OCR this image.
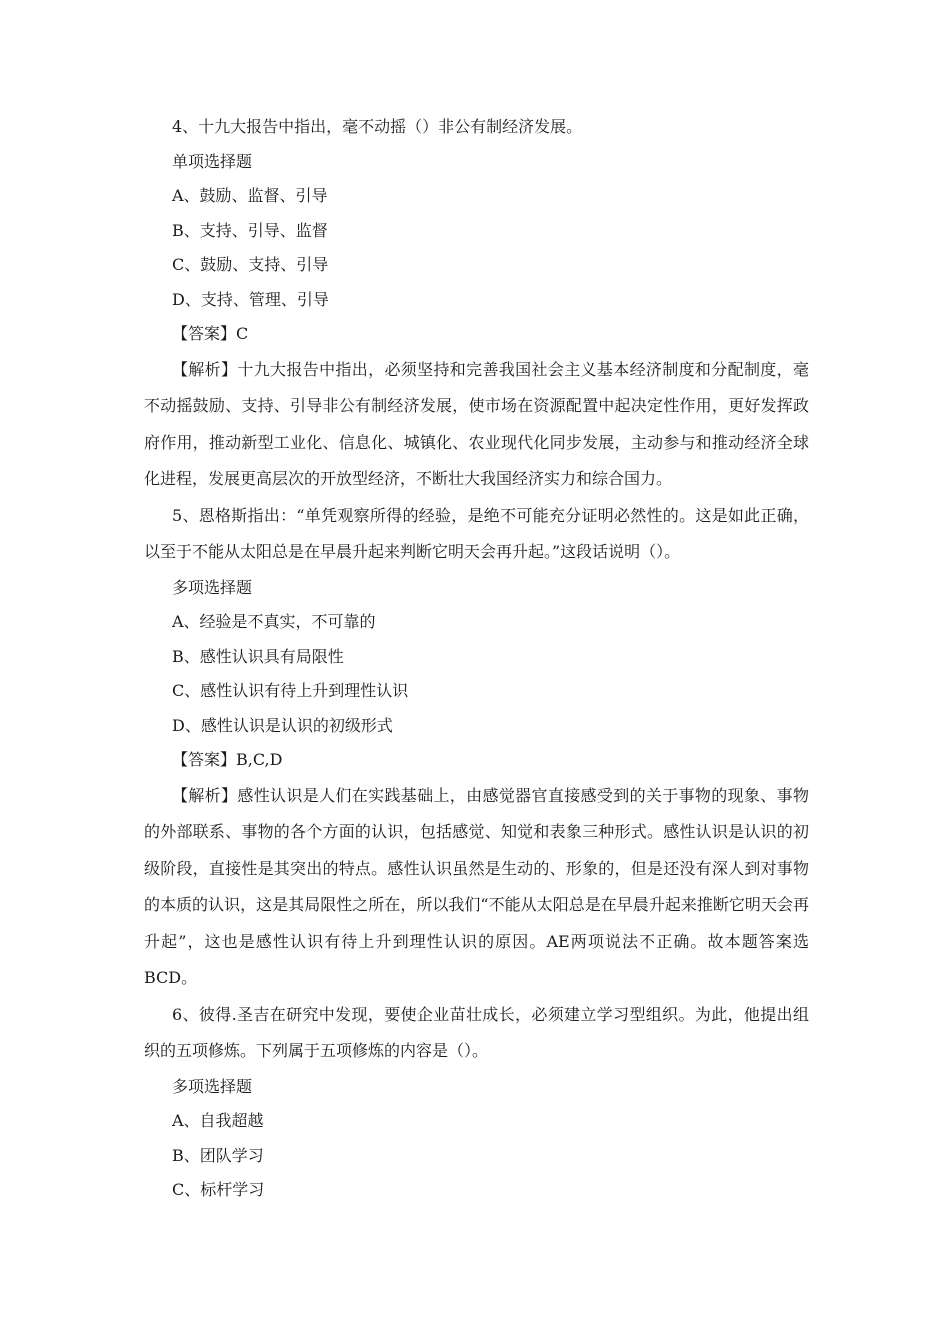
4、十九大报告中指出，毫不动摇（）非公有制经济发展。
单项选择题
A、鼓励、监督、引导
B、支持、引导、监督
C、鼓励、支持、引导
D、支持、管理、引导
【答案】C

【解析】十九大报告中指出，必须坚持和完善我国社会主义基本经济制度和分配制度，毫不动摇鼓励、支持、引导非公有制经济发展，使市场在资源配置中起决定性作用，更好发挥政府作用，推动新型工业化、信息化、城镇化、农业现代化同步发展，主动参与和推动经济全球化进程，发展更高层次的开放型经济，不断壮大我国经济实力和综合国力。

5、恩格斯指出：“单凭观察所得的经验，是绝不可能充分证明必然性的。这是如此正确，以至于不能从太阳总是在早晨升起来判断它明天会再升起。”这段话说明（）。

多项选择题
A、经验是不真实，不可靠的
B、感性认识具有局限性
C、感性认识有待上升到理性认识
D、感性认识是认识的初级形式
【答案】B,C,D

【解析】感性认识是人们在实践基础上，由感觉器官直接感受到的关于事物的现象、事物的外部联系、事物的各个方面的认识，包括感觉、知觉和表象三种形式。感性认识是认识的初级阶段，直接性是其突出的特点。感性认识虽然是生动的、形象的，但是还没有深人到对事物的本质的认识，这是其局限性之所在，所以我们“不能从太阳总是在早晨升起来推断它明天会再升起”，这也是感性认识有待上升到理性认识的原因。AE两项说法不正确。故本题答案选BCD。

6、彼得.圣吉在研究中发现，要使企业苗壮成长，必须建立学习型组织。为此，他提出组织的五项修炼。下列属于五项修炼的内容是（）。

多项选择题
A、自我超越
B、团队学习
C、标杆学习
